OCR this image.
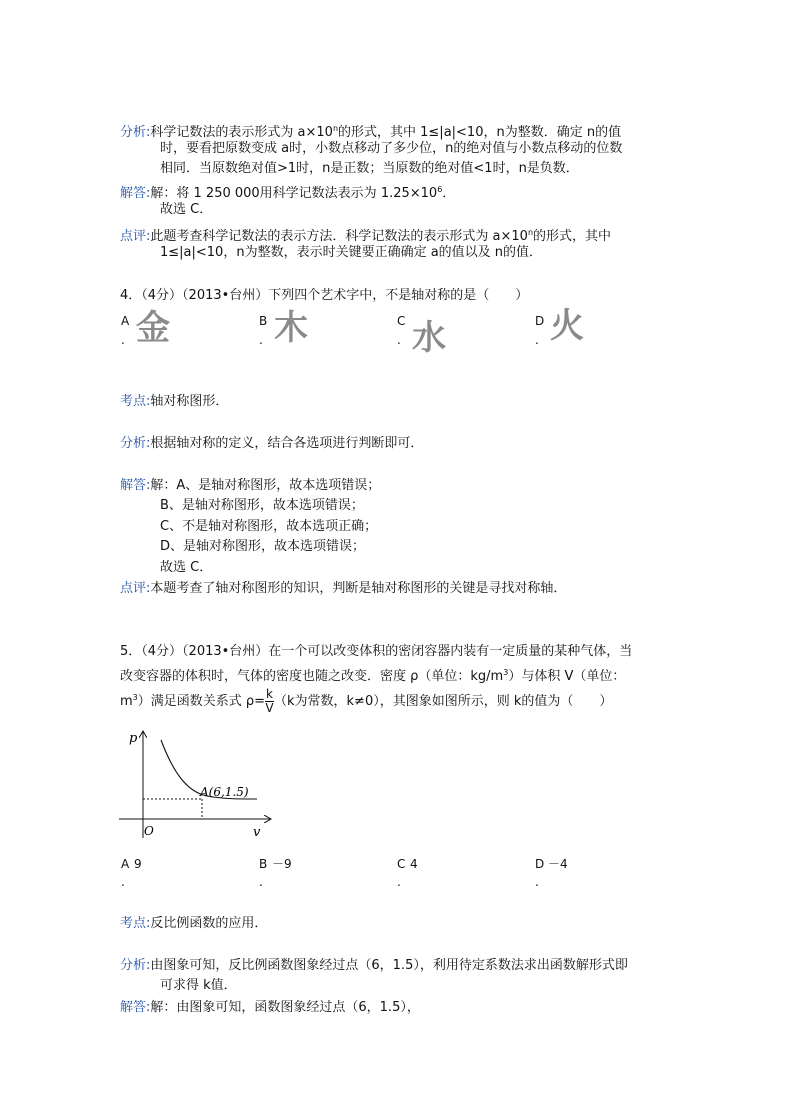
分析:科学记数法的表示形式为 $a\times 10^n$的形式，其中 1≤|a|<10，n为整数．确定 n的值
时，要看把原数变成 a时，小数点移动了多少位，n的绝对值与小数点移动的位数
相同．当原数绝对值>1时，n是正数；当原数的绝对值<1时，n是负数．
解答:解：将 1 250 000用科学记数法表示为 $1.25\times 10^6$．
故选 C．
点评:此题考查科学记数法的表示方法．科学记数法的表示形式为 $a\times 10^n$的形式，其中
1≤|a|<10，n为整数，表示时关键要正确确定 a的值以及 n的值．
4．（4分）（2013•台州）下列四个艺术字中，不是轴对称的是（　　）
A
. 金	B
. 木	C
. 水	D
. 火
考点:轴对称图形．
分析:根据轴对称的定义，结合各选项进行判断即可．
解答:解：A、是轴对称图形，故本选项错误；
B、是轴对称图形，故本选项错误；
C、不是轴对称图形，故本选项正确；
D、是轴对称图形，故本选项错误；
故选 C．
点评:本题考查了轴对称图形的知识，判断是轴对称图形的关键是寻找对称轴．
5．（4分）（2013•台州）在一个可以改变体积的密闭容器内装有一定质量的某种气体，当
改变容器的体积时，气体的密度也随之改变．密度 ρ（单位：$kg/m^3$）与体积 V（单位：
$m^3$）满足函数关系式 $\rho= \frac{k}{V} (k$为常数，k≠0），其图象如图所示，则 k的值为（　　）
p
v
O
A(6,1.5)
A
.
9	B
.
－9	C
.
4	D
.
－4
考点:反比例函数的应用．
分析:由图象可知，反比例函数图象经过点（6，1.5），利用待定系数法求出函数解形式即
可求得 k值．
解答:解：由图象可知，函数图象经过点（6，1.5），
